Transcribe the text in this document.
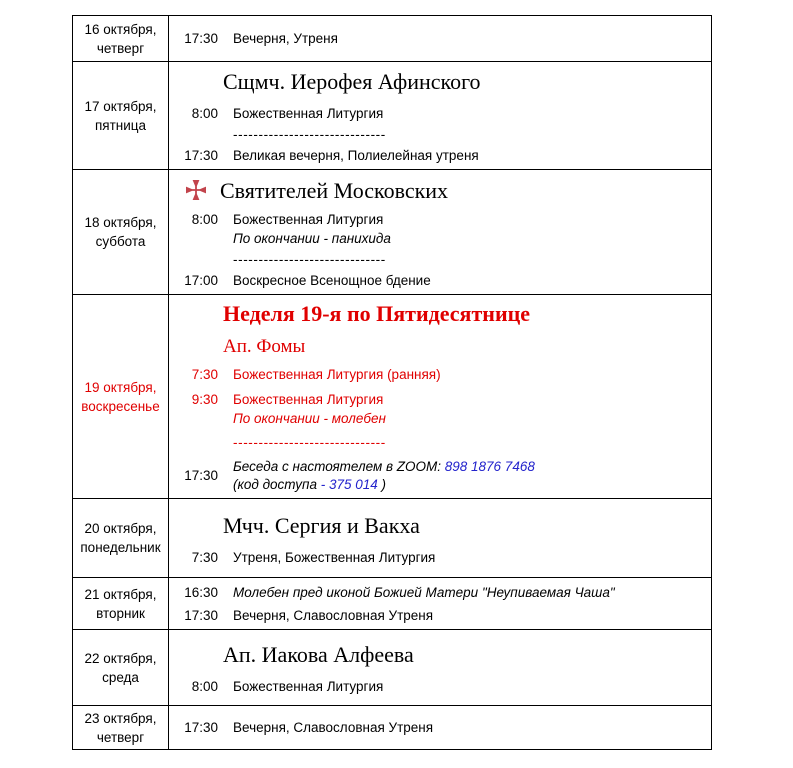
16 октября,
четверг
17:30 Вечерня, Утреня
17 октября,
пятница
Сщмч. Иерофея Афинского
8:00 Божественная Литургия
------------------------------
17:30 Великая вечерня, Полиелейная утреня
18 октября,
суббота
Святителей Московских
8:00 Божественная Литургия
По окончании - панихида
------------------------------
17:00 Воскресное Всенощное бдение
19 октября,
воскресенье
Неделя 19-я по Пятидесятнице
Ап. Фомы
7:30 Божественная Литургия (ранняя)
9:30 Божественная Литургия
По окончании - молебен
------------------------------
17:30
Беседа с настоятелем в ZOOM: 898 1876 7468
(код доступа - 375 014 )
20 октября,
понедельник
Мчч. Сергия и Вакха
7:30 Утреня, Божественная Литургия
21 октября,
вторник
16:30 Молебен пред иконой Божией Матери "Неупиваемая Чаша"
17:30 Вечерня, Славословная Утреня
22 октября,
среда
Ап. Иакова Алфеева
8:00 Божественная Литургия
23 октября,
четверг
17:30 Вечерня, Славословная Утреня
